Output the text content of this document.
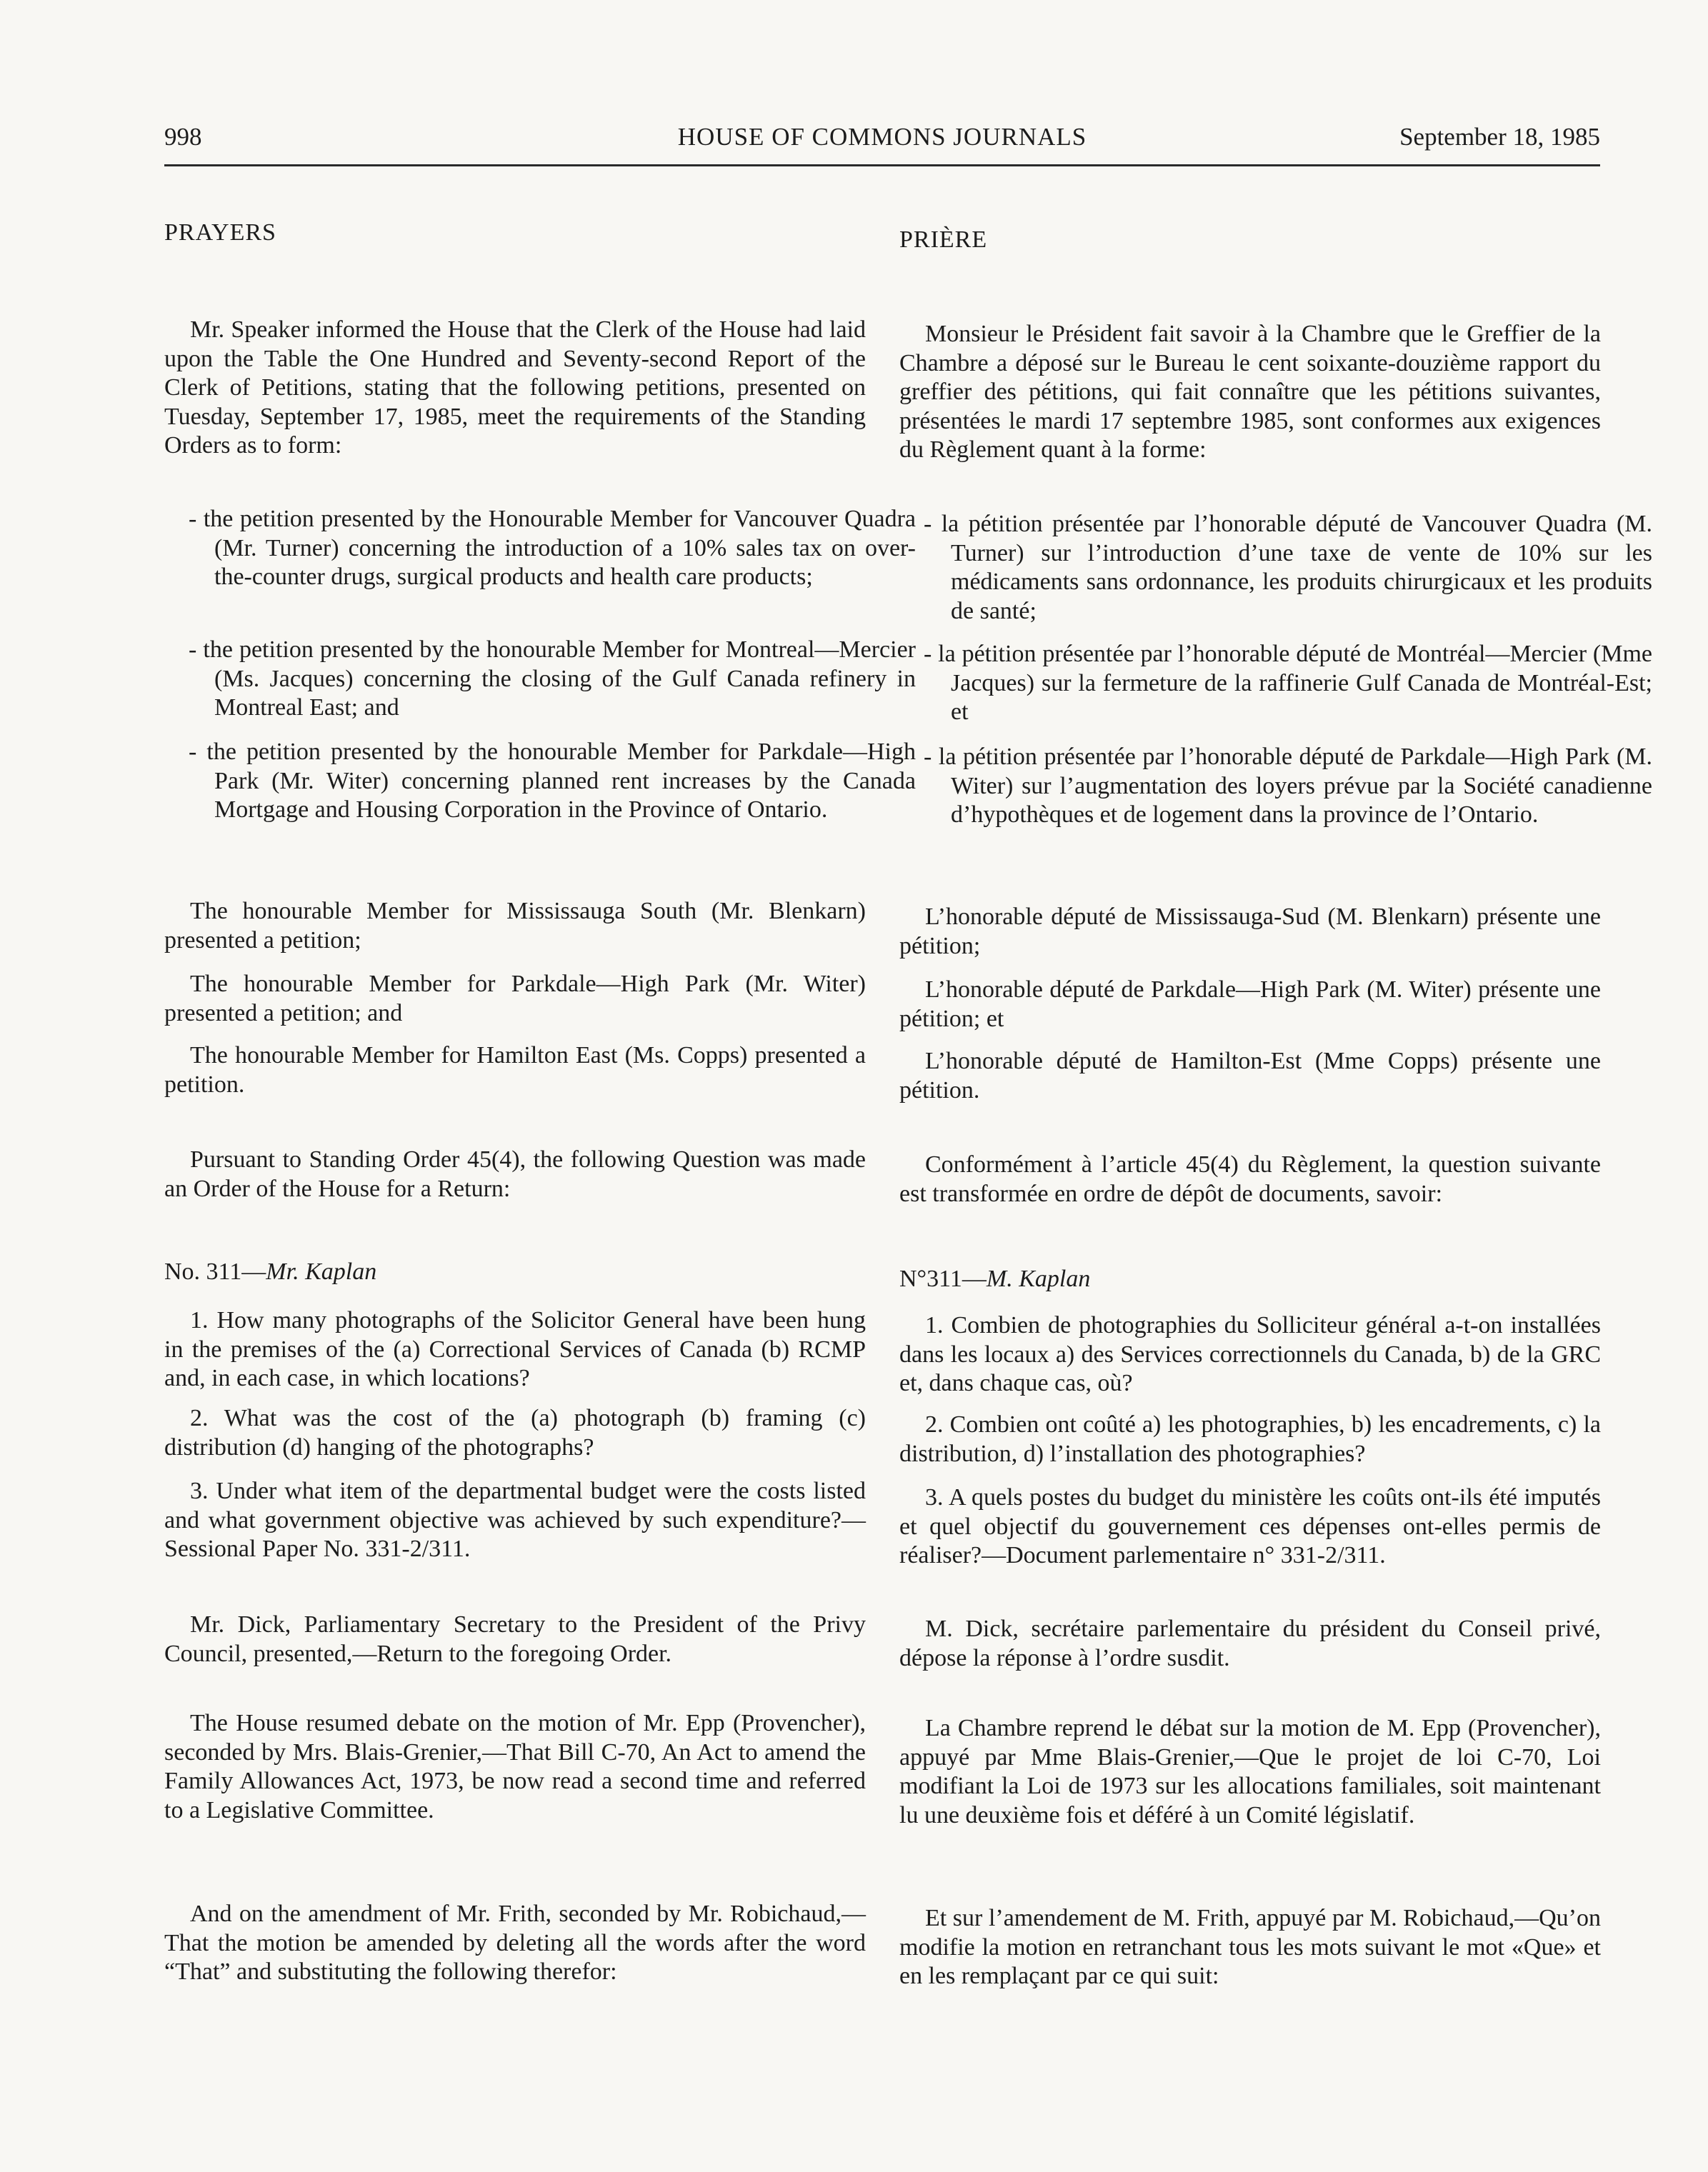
998	HOUSE OF COMMONS JOURNALS	September 18, 1985
PRAYERS
Mr. Speaker informed the House that the Clerk of the House had laid upon the Table the One Hundred and Seventy-second Report of the Clerk of Petitions, stating that the following petitions, presented on Tuesday, September 17, 1985, meet the requirements of the Standing Orders as to form:
- the petition presented by the Honourable Member for Vancouver Quadra (Mr. Turner) concerning the introduction of a 10% sales tax on over-the-counter drugs, surgical products and health care products;
- the petition presented by the honourable Member for Montreal—Mercier (Ms. Jacques) concerning the closing of the Gulf Canada refinery in Montreal East; and
- the petition presented by the honourable Member for Parkdale—High Park (Mr. Witer) concerning planned rent increases by the Canada Mortgage and Housing Corporation in the Province of Ontario.
The honourable Member for Mississauga South (Mr. Blenkarn) presented a petition;
The honourable Member for Parkdale—High Park (Mr. Witer) presented a petition; and
The honourable Member for Hamilton East (Ms. Copps) presented a petition.
Pursuant to Standing Order 45(4), the following Question was made an Order of the House for a Return:
No. 311—Mr. Kaplan
1. How many photographs of the Solicitor General have been hung in the premises of the (a) Correctional Services of Canada (b) RCMP and, in each case, in which locations?
2. What was the cost of the (a) photograph (b) framing (c) distribution (d) hanging of the photographs?
3. Under what item of the departmental budget were the costs listed and what government objective was achieved by such expenditure?—Sessional Paper No. 331-2/311.
Mr. Dick, Parliamentary Secretary to the President of the Privy Council, presented,—Return to the foregoing Order.
The House resumed debate on the motion of Mr. Epp (Provencher), seconded by Mrs. Blais-Grenier,—That Bill C-70, An Act to amend the Family Allowances Act, 1973, be now read a second time and referred to a Legislative Committee.
And on the amendment of Mr. Frith, seconded by Mr. Robichaud,—That the motion be amended by deleting all the words after the word “That” and substituting the following therefor:
PRIÈRE
Monsieur le Président fait savoir à la Chambre que le Greffier de la Chambre a déposé sur le Bureau le cent soixante-douzième rapport du greffier des pétitions, qui fait connaître que les pétitions suivantes, présentées le mardi 17 septembre 1985, sont conformes aux exigences du Règlement quant à la forme:
- la pétition présentée par l’honorable député de Vancouver Quadra (M. Turner) sur l’introduction d’une taxe de vente de 10% sur les médicaments sans ordonnance, les produits chirurgicaux et les produits de santé;
- la pétition présentée par l’honorable député de Montréal—Mercier (Mme Jacques) sur la fermeture de la raffinerie Gulf Canada de Montréal-Est; et
- la pétition présentée par l’honorable député de Parkdale—High Park (M. Witer) sur l’augmentation des loyers prévue par la Société canadienne d’hypothèques et de logement dans la province de l’Ontario.
L’honorable député de Mississauga-Sud (M. Blenkarn) présente une pétition;
L’honorable député de Parkdale—High Park (M. Witer) présente une pétition; et
L’honorable député de Hamilton-Est (Mme Copps) présente une pétition.
Conformément à l’article 45(4) du Règlement, la question suivante est transformée en ordre de dépôt de documents, savoir:
N°311—M. Kaplan
1. Combien de photographies du Solliciteur général a-t-on installées dans les locaux a) des Services correctionnels du Canada, b) de la GRC et, dans chaque cas, où?
2. Combien ont coûté a) les photographies, b) les encadrements, c) la distribution, d) l’installation des photographies?
3. A quels postes du budget du ministère les coûts ont-ils été imputés et quel objectif du gouvernement ces dépenses ont-elles permis de réaliser?—Document parlementaire n° 331-2/311.
M. Dick, secrétaire parlementaire du président du Conseil privé, dépose la réponse à l’ordre susdit.
La Chambre reprend le débat sur la motion de M. Epp (Provencher), appuyé par Mme Blais-Grenier,—Que le projet de loi C-70, Loi modifiant la Loi de 1973 sur les allocations familiales, soit maintenant lu une deuxième fois et déféré à un Comité législatif.
Et sur l’amendement de M. Frith, appuyé par M. Robichaud,—Qu’on modifie la motion en retranchant tous les mots suivant le mot «Que» et en les remplaçant par ce qui suit:
